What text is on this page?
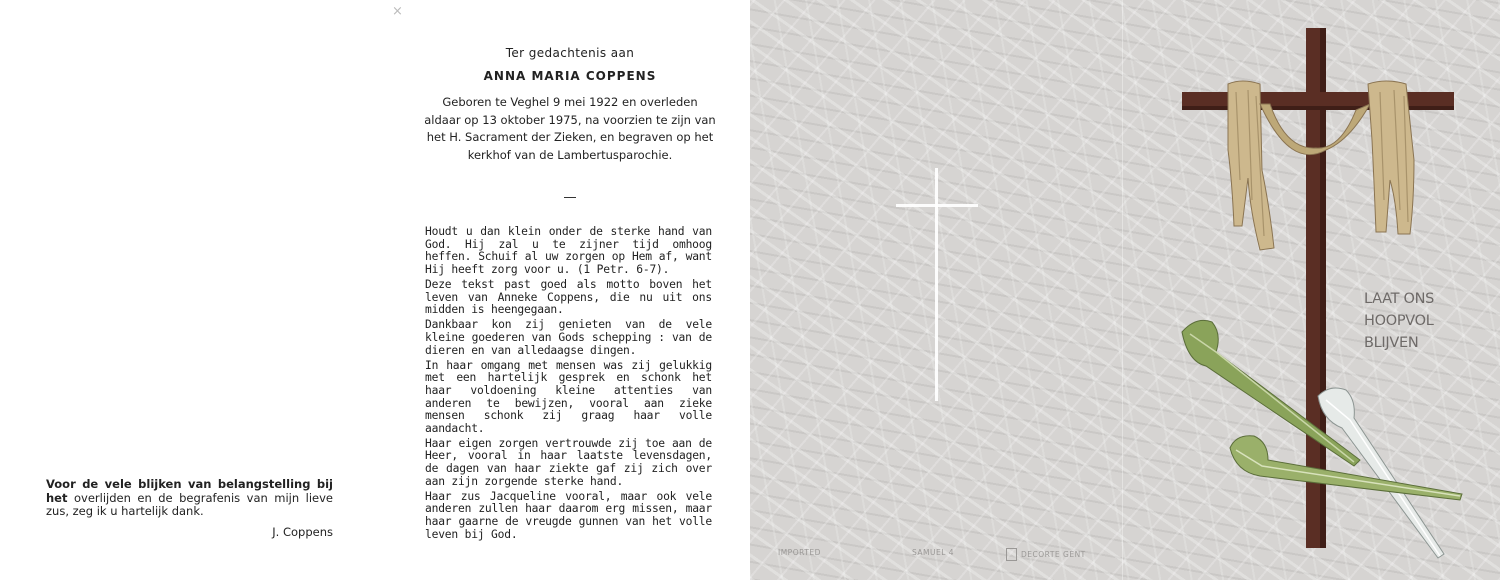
×
Ter gedachtenis aan
ANNA MARIA COPPENS
Geboren te Veghel 9 mei 1922 en overleden aldaar op 13 oktober 1975, na voorzien te zijn van het H. Sacrament der Zieken, en begraven op het kerkhof van de Lambertusparochie.

Houdt u dan klein onder de sterke hand van God. Hij zal u te zijner tijd omhoog heffen. Schuif al uw zorgen op Hem af, want Hij heeft zorg voor u. (1 Petr. 6-7).

Deze tekst past goed als motto boven het leven van Anneke Coppens, die nu uit ons midden is heengegaan.

Dankbaar kon zij genieten van de vele kleine goederen van Gods schepping : van de dieren en van alledaagse dingen.

In haar omgang met mensen was zij gelukkig met een hartelijk gesprek en schonk het haar voldoening kleine attenties van anderen te bewijzen, vooral aan zieke mensen schonk zij graag haar volle aandacht.

Haar eigen zorgen vertrouwde zij toe aan de Heer, vooral in haar laatste levensdagen, de dagen van haar ziekte gaf zij zich over aan zijn zorgende sterke hand.

Haar zus Jacqueline vooral, maar ook vele anderen zullen haar daarom erg missen, maar haar gaarne de vreugde gunnen van het volle leven bij God.

Voor de vele blijken van belangstelling bij het overlijden en de begrafenis van mijn lieve zus, zeg ik u hartelijk dank.
J. Coppens
LAAT ONS
HOOPVOL
BLIJVEN
IMPORTED	SAMUEL 4	DECORTE GENT
